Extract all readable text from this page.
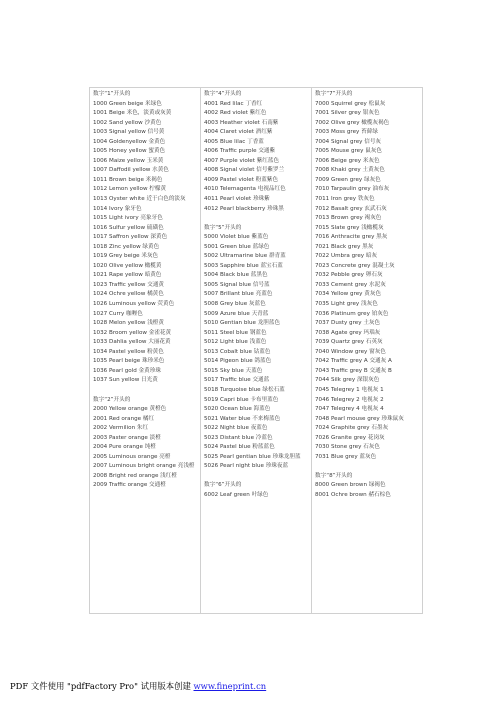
数字“1”开头的
1000 Green beige 米绿色
1001 Beige 米色，淡黄或灰黄
1002 Sand yellow 沙黄色
1003 Signal yellow 信号黄
1004 Goldenyellow 金黄色
1005 Honey yellow 蜜黄色
1006 Maize yellow 玉米黄
1007 Daffodil yellow 水黄色
1011 Brown beige 米褐色
1012 Lemon yellow 柠檬黄
1013 Oyster white 近于白色的淡灰
1014 Ivory 象牙色
1015 Light ivory 亮象牙色
1016 Sulfur yellow 硫磺色
1017 Saffron yellow 深黄色
1018 Zinc yellow 绿黄色
1019 Grey beige 米灰色
1020 Olive yellow 橄榄黄
1021 Rape yellow 暗黄色
1023 Traffic yellow 交通黄
1024 Ochre yellow 橘黄色
1026 Luminous yellow 荧黄色
1027 Curry 咖喱色
1028 Melon yellow 浅橙黄
1032 Broom yellow 金雀花黄
1033 Dahlia yellow 大丽花黄
1034 Pastel yellow 粉黄色
1035 Pearl beige 珠珍米色
1036 Pearl gold 金黄珍珠
1037 Sun yellow 日光黄
数字“2”开头的
2000 Yellow orange 黄橙色
2001 Red orange 橘红
2002 Vermilion 朱红
2003 Paster orange 淡橙
2004 Pure orange 纯橙
2005 Luminous orange 亮橙
2007 Luminous bright orange 亮浅橙
2008 Bright red orange 浅红橙
2009 Traffic orange 交通橙
数字“4”开头的
4001 Red lilac 丁香红
4002 Red violet 紫红色
4003 Heather violet 石南紫
4004 Claret violet 酒红紫
4005 Blue lilac 丁香蓝
4006 Traffic purple 交通紫
4007 Purple violet 紫红蓝色
4008 Signal violet 信号紫罗兰
4009 Pastel violet 粉蓝紫色
4010 Telemagenta 电视品红色
4011 Pearl violet 珍珠紫
4012 Pearl blackberry 珍珠黑
数字“5”开头的
5000 Violet blue 紫蓝色
5001 Green blue 蓝绿色
5002 Ultramarine blue 群青蓝
5003 Sapphire blue 蓝宝石蓝
5004 Black blue 蓝黑色
5005 Signal blue 信号蓝
5007 Brillant blue 亮蓝色
5008 Grey blue 灰蓝色
5009 Azure blue 天青蓝
5010 Gentian blue 龙胆蓝色
5011 Steel blue 钢蓝色
5012 Light blue 浅蓝色
5013 Cobalt blue 钴蓝色
5014 Pigeon blue 鸽蓝色
5015 Sky blue 天蓝色
5017 Traffic blue 交通蓝
5018 Turquoise blue 绿松石蓝
5019 Capri blue 卡布里蓝色
5020 Ocean blue 海蓝色
5021 Water blue 不来梅蓝色
5022 Night blue 夜蓝色
5023 Distant blue 冷蓝色
5024 Pastel blue 粉蓝蓝色
5025 Pearl gentian blue 珍珠龙胆蓝
5026 Pearl night blue 珍珠夜蓝
数字“6”开头的
6002 Leaf green 叶绿色
数字“7”开头的
7000 Squirrel grey 松鼠灰
7001 Silver grey 银灰色
7002 Olive grey 橄榄灰褐色
7003 Moss grey 苔藓绿
7004 Signal grey 信号灰
7005 Mouse grey 鼠灰色
7006 Beige grey 米灰色
7008 Khaki grey 土黄灰色
7009 Green grey 绿灰色
7010 Tarpaulin grey 油布灰
7011 Iron grey 铁灰色
7012 Basalt grey 玄武石灰
7013 Brown grey 褐灰色
7015 Slate grey 浅橄榄灰
7016 Anthracite grey 黑灰
7021 Black grey 黑灰
7022 Umbra grey 暗灰
7023 Concrete grey 混凝土灰
7032 Pebble grey 卵石灰
7033 Cement grey 水泥灰
7034 Yellow grey 黄灰色
7035 Light grey 浅灰色
7036 Platinum grey 铂灰色
7037 Dusty grey 土灰色
7038 Agate grey 玛瑙灰
7039 Quartz grey 石英灰
7040 Window grey 窗灰色
7042 Traffic grey A 交通灰 A
7043 Traffic grey B 交通灰 B
7044 Silk grey 深银灰色
7045 Telegrey 1 电视灰 1
7046 Telegrey 2 电视灰 2
7047 Telegrey 4 电视灰 4
7048 Pearl mouse grey 珍珠鼠灰
7024 Graphite grey 石墨灰
7026 Granite grey 花岗灰
7030 Stone grey 石灰色
7031 Blue grey 蓝灰色
数字“8”开头的
8000 Green brown 绿褐色
8001 Ochre brown 赭石棕色
PDF 文件使用 "pdfFactory Pro" 试用版本创建 www.fineprint.cn
